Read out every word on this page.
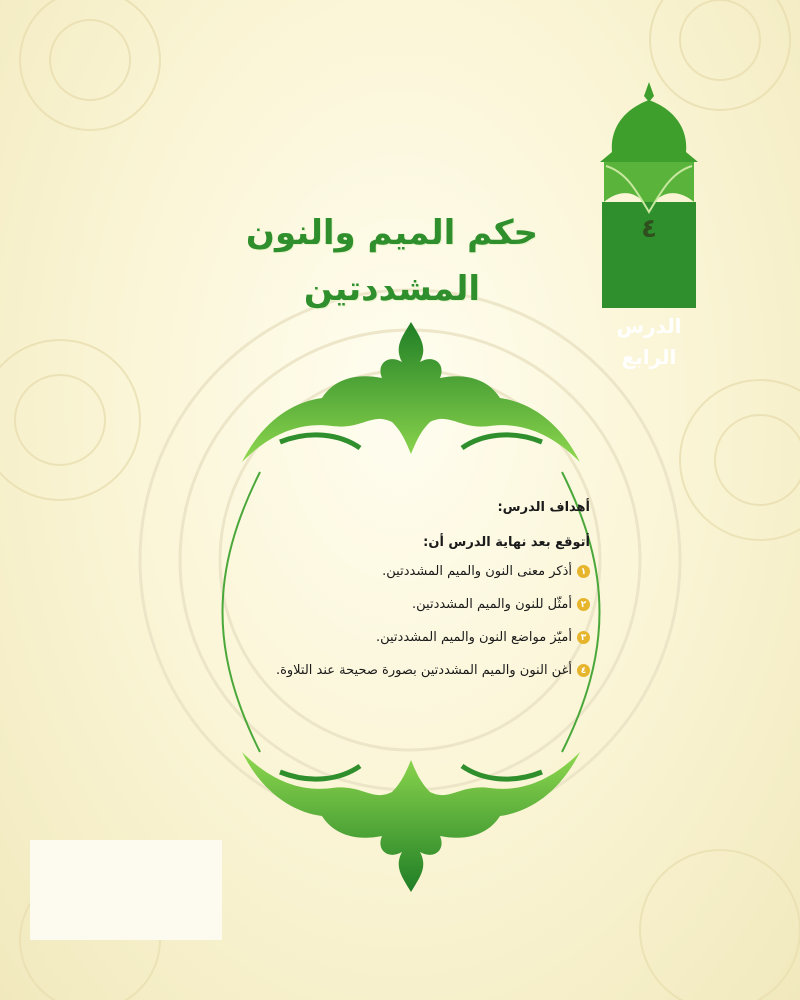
حكم الميم والنون
المشددتين
٤
الدرس
الرابع
أهداف الدرس:
أتوقع بعد نهاية الدرس أن:
١
أذكر معنى النون والميم المشددتين.
٢
أمثّل للنون والميم المشددتين.
٣
أميّز مواضع النون والميم المشددتين.
٤
أغن النون والميم المشددتين بصورة صحيحة عند التلاوة.
